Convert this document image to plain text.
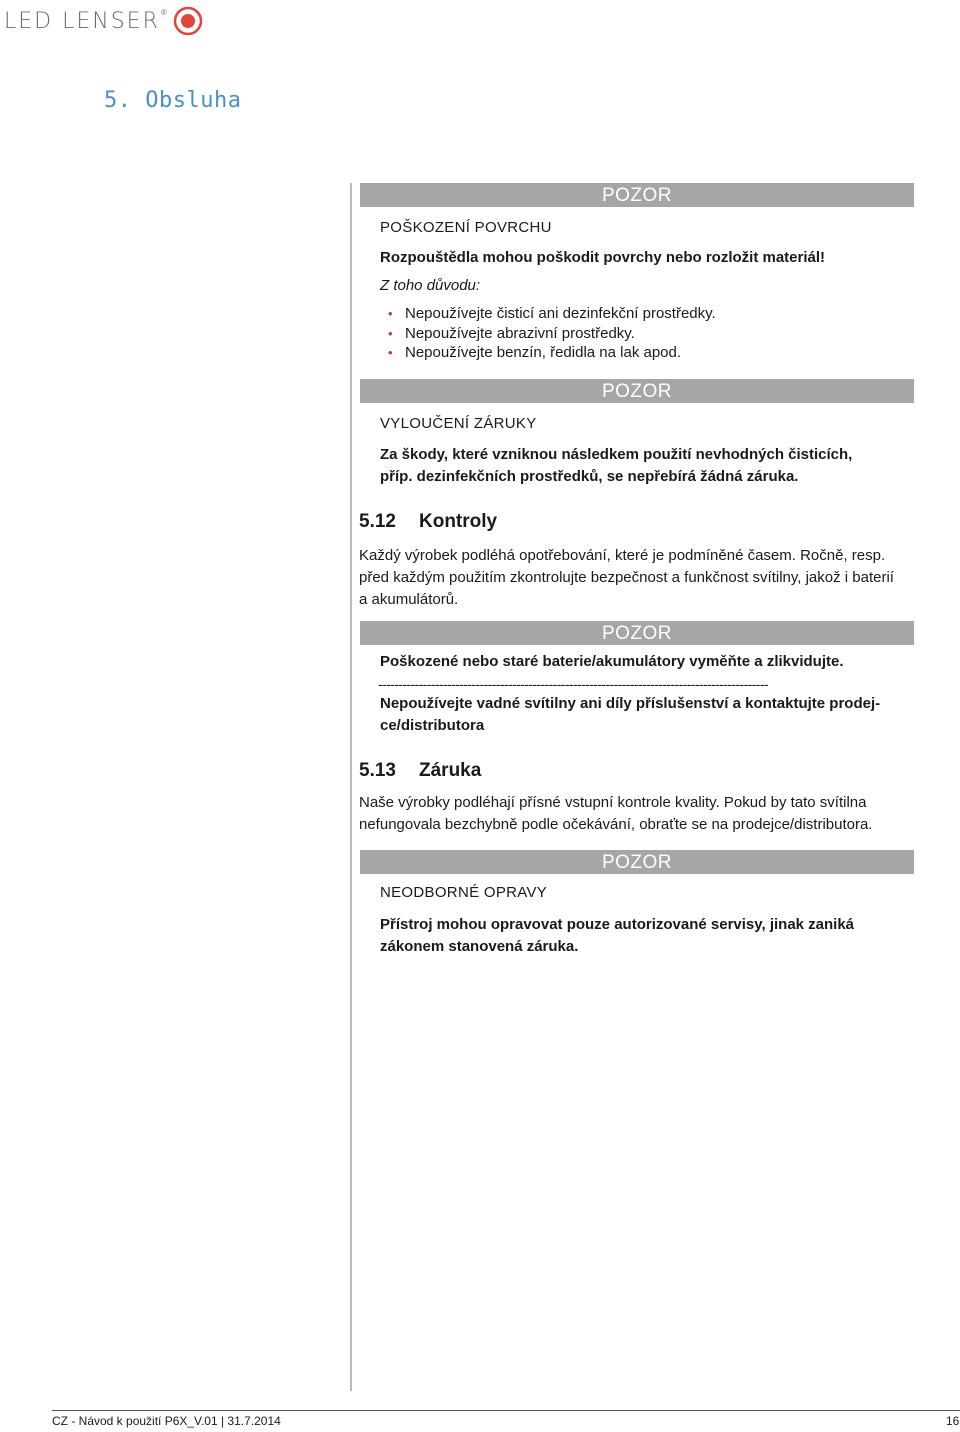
LED LENSER ®
5. Obsluha
POZOR
POŠKOZENÍ POVRCHU
Rozpouštědla mohou poškodit povrchy nebo rozložit materiál!
Z toho důvodu:
• Nepoužívejte čisticí ani dezinfekční prostředky.
• Nepoužívejte abrazivní prostředky.
• Nepoužívejte benzín, ředidla na lak apod.
POZOR
VYLOUČENÍ ZÁRUKY
Za škody, které vzniknou následkem použití nevhodných čisticích,
příp. dezinfekčních prostředků, se nepřebírá žádná záruka.
5.12 Kontroly
Každý výrobek podléhá opotřebování, které je podmíněné časem. Ročně, resp.
před každým použitím zkontrolujte bezpečnost a funkčnost svítilny, jakož i baterií
a akumulátorů.
POZOR
Poškozené nebo staré baterie/akumulátory vyměňte a zlikvidujte.
------------------------------------------------------------------------------------------------
Nepoužívejte vadné svítilny ani díly příslušenství a kontaktujte prodej-
ce/distributora
5.13 Záruka
Naše výrobky podléhají přísné vstupní kontrole kvality. Pokud by tato svítilna
nefungovala bezchybně podle očekávání, obraťte se na prodejce/distributora.
POZOR
NEODBORNÉ OPRAVY
Přístroj mohou opravovat pouze autorizované servisy, jinak zaniká
zákonem stanovená záruka.
CZ - Návod k použití P6X_V.01 | 31.7.2014	16
